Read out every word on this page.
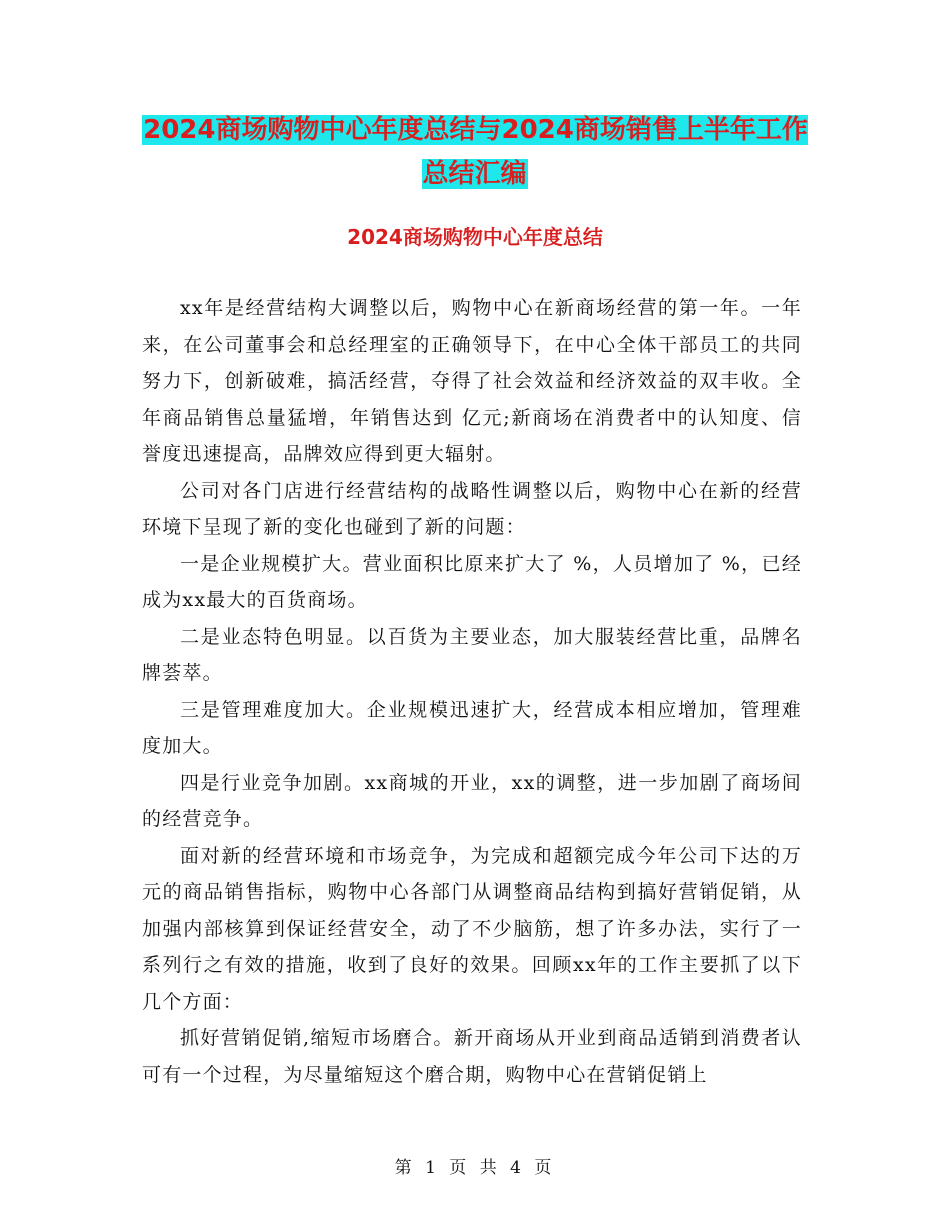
2024商场购物中心年度总结与2024商场销售上半年工作总结汇编
2024商场购物中心年度总结

xx年是经营结构大调整以后，购物中心在新商场经营的第一年。一年来，在公司董事会和总经理室的正确领导下，在中心全体干部员工的共同努力下，创新破难，搞活经营，夺得了社会效益和经济效益的双丰收。全年商品销售总量猛增，年销售达到 亿元;新商场在消费者中的认知度、信誉度迅速提高，品牌效应得到更大辐射。

公司对各门店进行经营结构的战略性调整以后，购物中心在新的经营环境下呈现了新的变化也碰到了新的问题：

一是企业规模扩大。营业面积比原来扩大了 %，人员增加了 %，已经成为xx最大的百货商场。

二是业态特色明显。以百货为主要业态，加大服装经营比重，品牌名牌荟萃。

三是管理难度加大。企业规模迅速扩大，经营成本相应增加，管理难度加大。

四是行业竞争加剧。xx商城的开业，xx的调整，进一步加剧了商场间的经营竞争。

面对新的经营环境和市场竞争，为完成和超额完成今年公司下达的万元的商品销售指标，购物中心各部门从调整商品结构到搞好营销促销，从加强内部核算到保证经营安全，动了不少脑筋，想了许多办法，实行了一系列行之有效的措施，收到了良好的效果。回顾xx年的工作主要抓了以下几个方面：

抓好营销促销,缩短市场磨合。新开商场从开业到商品适销到消费者认可有一个过程，为尽量缩短这个磨合期，购物中心在营销促销上

第 1 页 共 4 页
